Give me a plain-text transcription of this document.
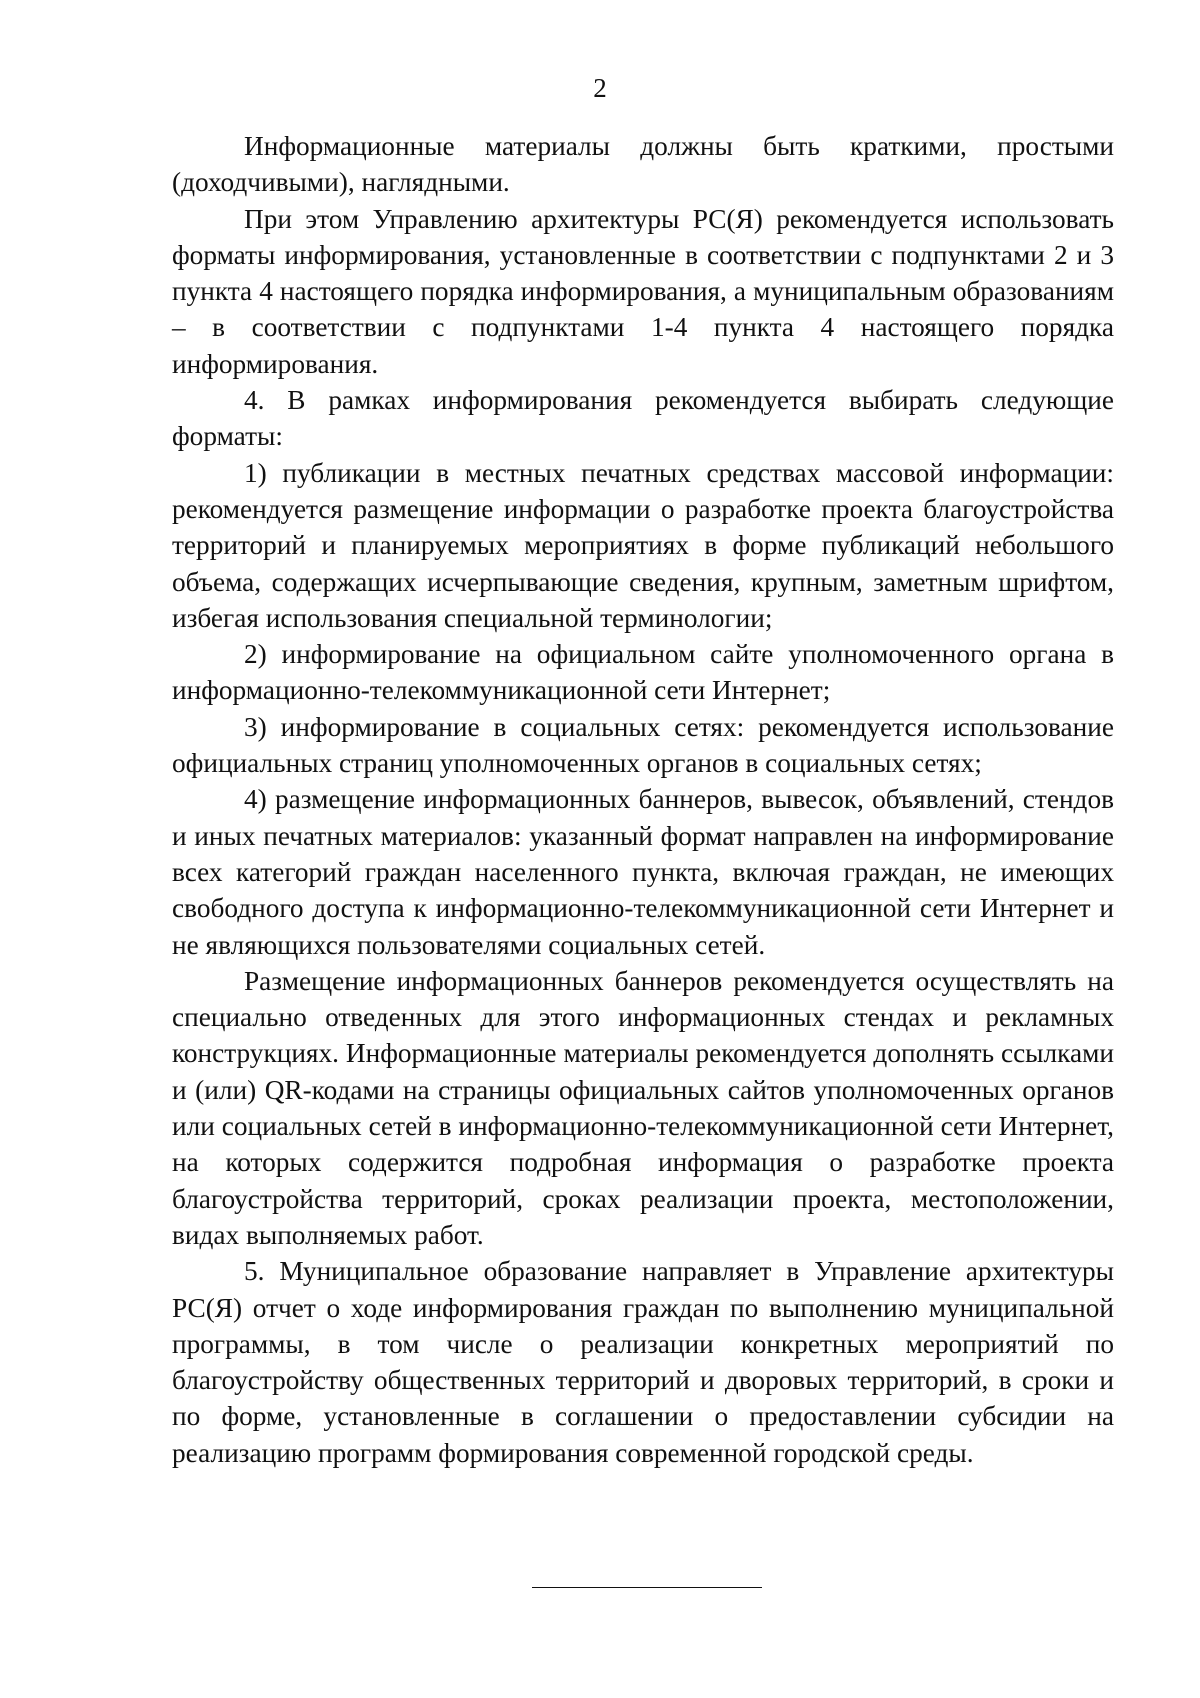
2

Информационные материалы должны быть краткими, простыми (доходчивыми), наглядными.

При этом Управлению архитектуры РС(Я) рекомендуется использовать форматы информирования, установленные в соответствии с подпунктами 2 и 3 пункта 4 настоящего порядка информирования, а муниципальным образованиям – в соответствии с подпунктами 1-4 пункта 4 настоящего порядка информирования.

4. В рамках информирования рекомендуется выбирать следующие форматы:

1) публикации в местных печатных средствах массовой информации: рекомендуется размещение информации о разработке проекта благоустройства территорий и планируемых мероприятиях в форме публикаций небольшого объема, содержащих исчерпывающие сведения, крупным, заметным шрифтом, избегая использования специальной терминологии;

2) информирование на официальном сайте уполномоченного органа в информационно-телекоммуникационной сети Интернет;

3) информирование в социальных сетях: рекомендуется использование официальных страниц уполномоченных органов в социальных сетях;

4) размещение информационных баннеров, вывесок, объявлений, стендов и иных печатных материалов: указанный формат направлен на информирование всех категорий граждан населенного пункта, включая граждан, не имеющих свободного доступа к информационно-телекоммуникационной сети Интернет и не являющихся пользователями социальных сетей.

Размещение информационных баннеров рекомендуется осуществлять на специально отведенных для этого информационных стендах и рекламных конструкциях. Информационные материалы рекомендуется дополнять ссылками и (или) QR-кодами на страницы официальных сайтов уполномоченных органов или социальных сетей в информационно-телекоммуникационной сети Интернет, на которых содержится подробная информация о разработке проекта благоустройства территорий, сроках реализации проекта, местоположении, видах выполняемых работ.

5. Муниципальное образование направляет в Управление архитектуры РС(Я) отчет о ходе информирования граждан по выполнению муниципальной программы, в том числе о реализации конкретных мероприятий по благоустройству общественных территорий и дворовых территорий, в сроки и по форме, установленные в соглашении о предоставлении субсидии на реализацию программ формирования современной городской среды.
